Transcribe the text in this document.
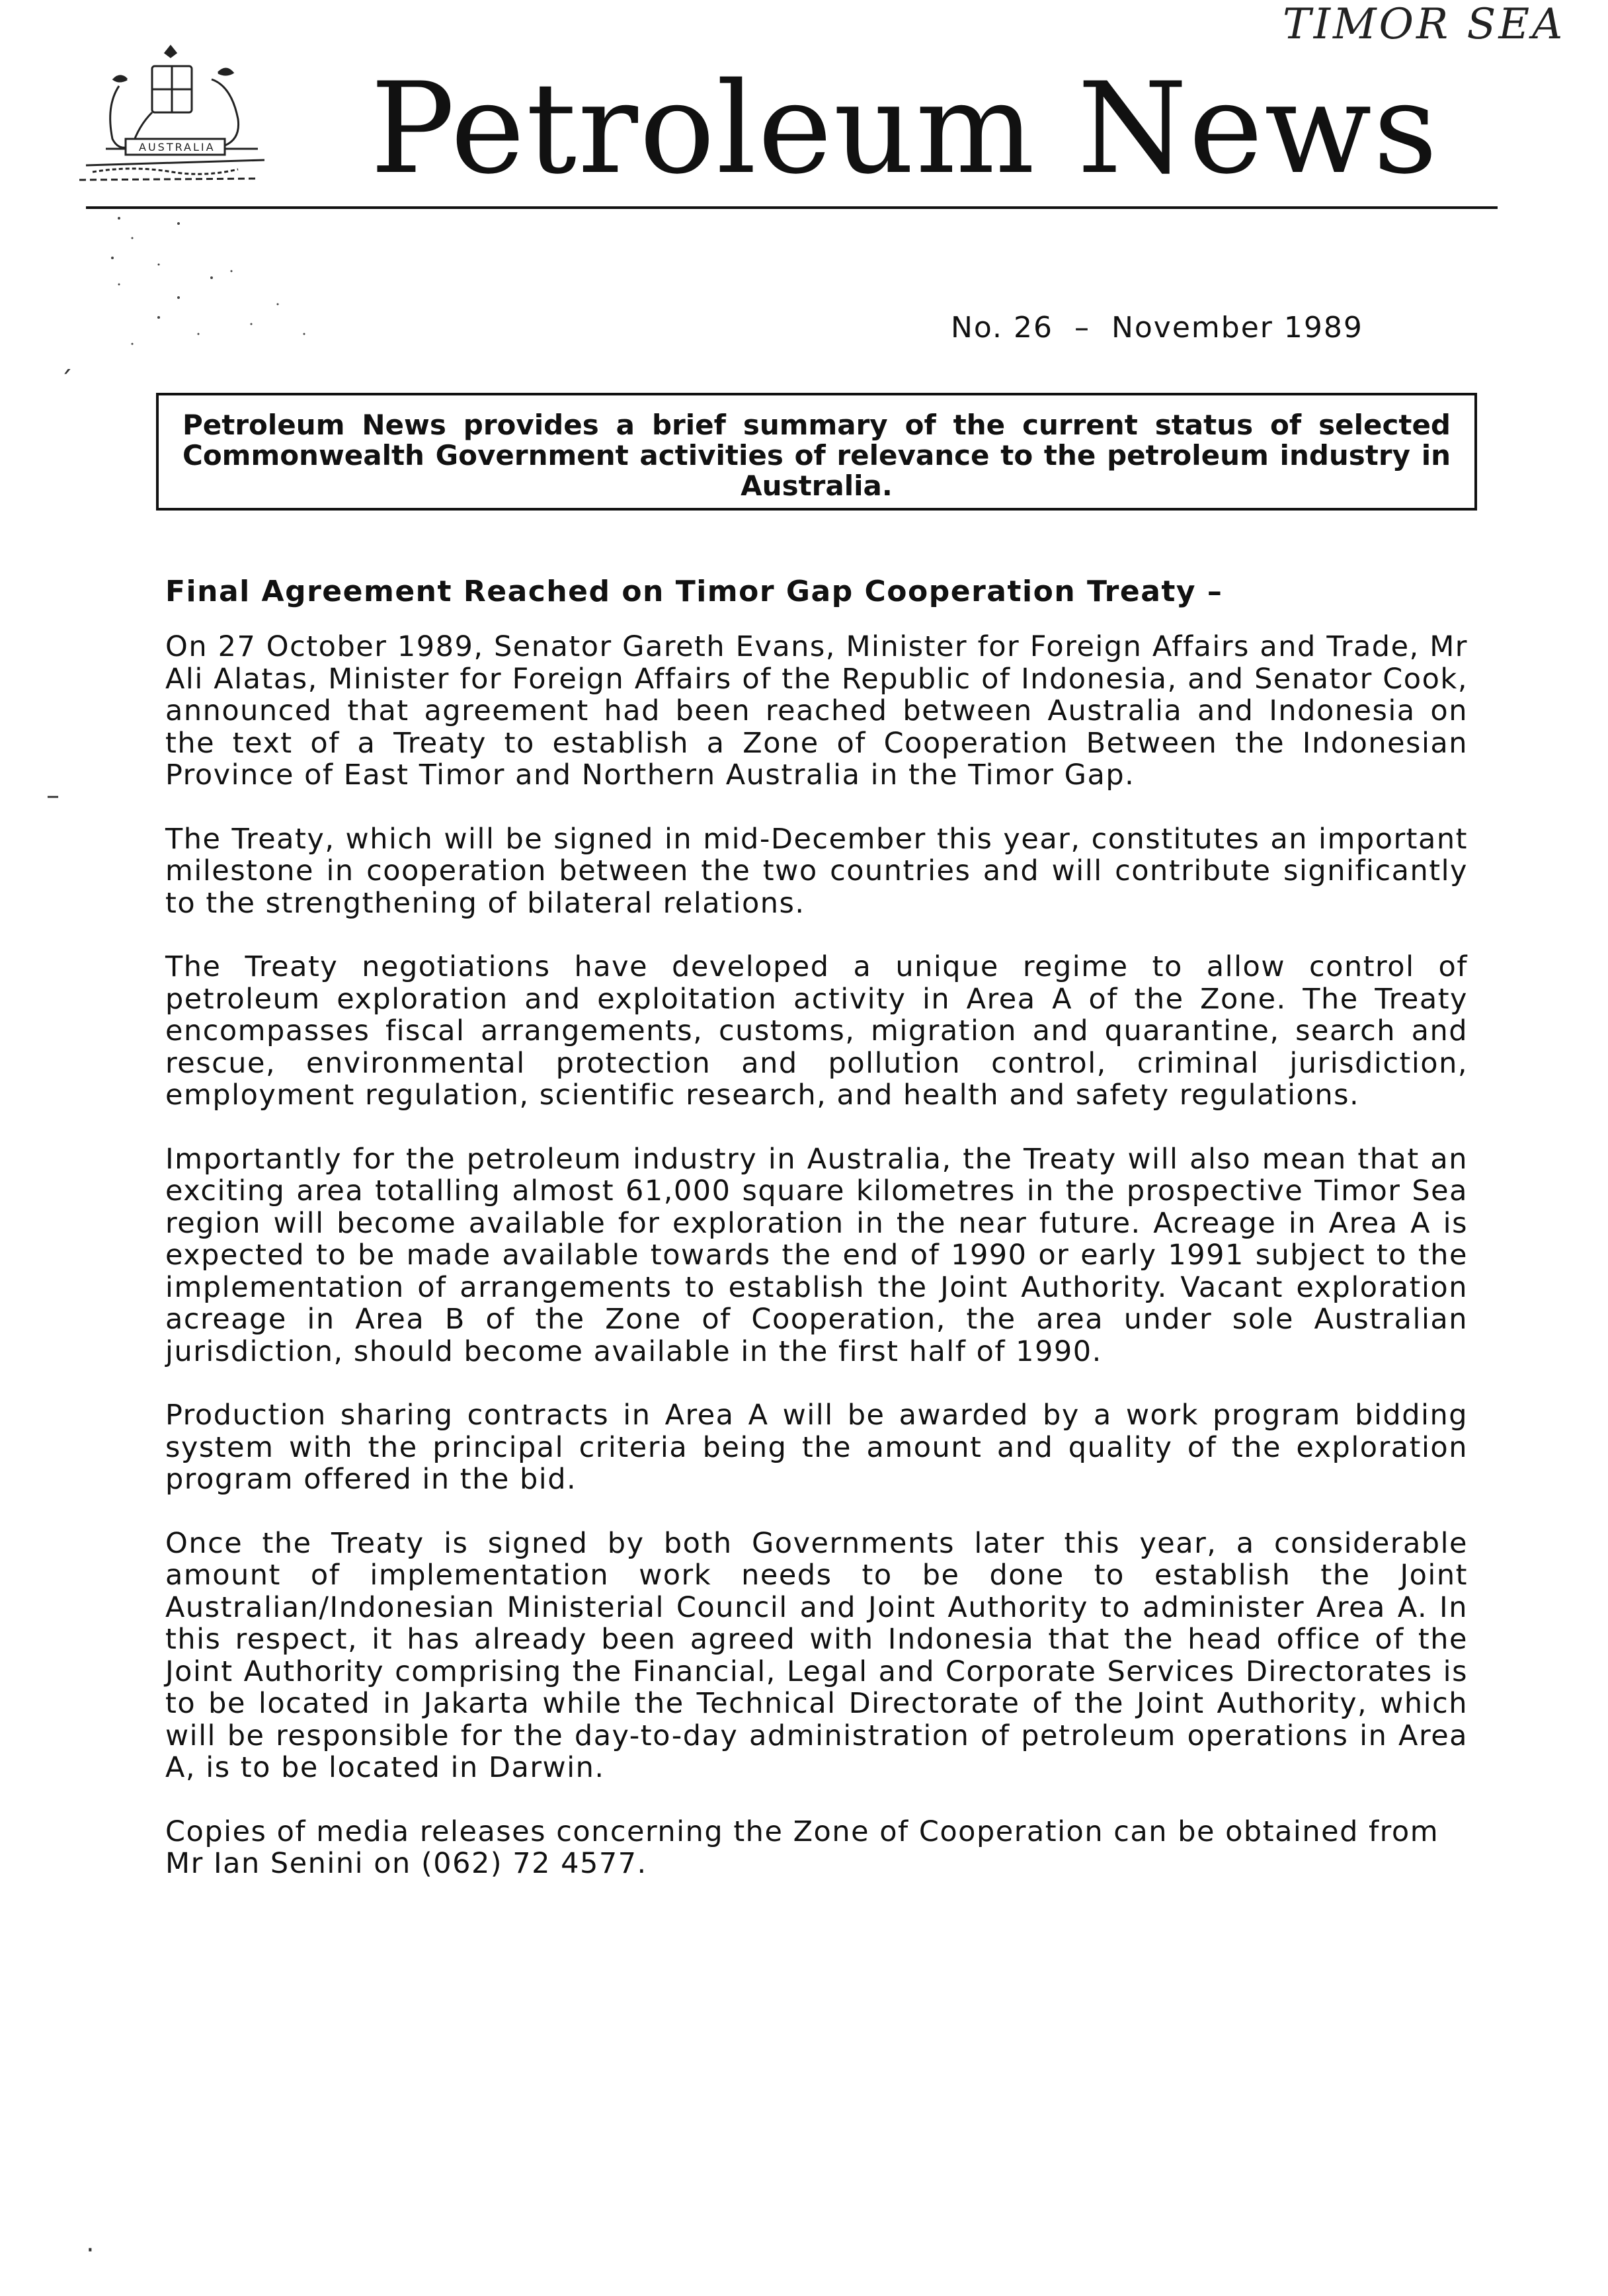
TIMOR SEA
AUSTRALIA Petroleum News
ˏ
–
·
No. 26  –  November 1989
Petroleum News provides a brief summary of the current status of selected Commonwealth Government activities of relevance to the petroleum industry in Australia.
Final Agreement Reached on Timor Gap Cooperation Treaty –

On 27 October 1989, Senator Gareth Evans, Minister for Foreign Affairs and Trade, Mr Ali Alatas, Minister for Foreign Affairs of the Republic of Indonesia, and Senator Cook, announced that agreement had been reached between Australia and Indonesia on the text of a Treaty to establish a Zone of Cooperation Between the Indonesian Province of East Timor and Northern Australia in the Timor Gap.

The Treaty, which will be signed in mid-December this year, constitutes an important milestone in cooperation between the two countries and will contribute significantly to the strengthening of bilateral relations.

The Treaty negotiations have developed a unique regime to allow control of petroleum exploration and exploitation activity in Area A of the Zone. The Treaty encompasses fiscal arrangements, customs, migration and quarantine, search and rescue, environmental protection and pollution control, criminal jurisdiction, employment regulation, scientific research, and health and safety regulations.

Importantly for the petroleum industry in Australia, the Treaty will also mean that an exciting area totalling almost 61,000 square kilometres in the prospective Timor Sea region will become available for exploration in the near future. Acreage in Area A is expected to be made available towards the end of 1990 or early 1991 subject to the implementation of arrangements to establish the Joint Authority. Vacant exploration acreage in Area B of the Zone of Cooperation, the area under sole Australian jurisdiction, should become available in the first half of 1990.

Production sharing contracts in Area A will be awarded by a work program bidding system with the principal criteria being the amount and quality of the exploration program offered in the bid.

Once the Treaty is signed by both Governments later this year, a considerable amount of implementation work needs to be done to establish the Joint Australian/Indonesian Ministerial Council and Joint Authority to administer Area A. In this respect, it has already been agreed with Indonesia that the head office of the Joint Authority comprising the Financial, Legal and Corporate Services Directorates is to be located in Jakarta while the Technical Directorate of the Joint Authority, which will be responsible for the day-to-day administration of petroleum operations in Area A, is to be located in Darwin.

Copies of media releases concerning the Zone of Cooperation can be obtained from Mr Ian Senini on (062) 72 4577.
